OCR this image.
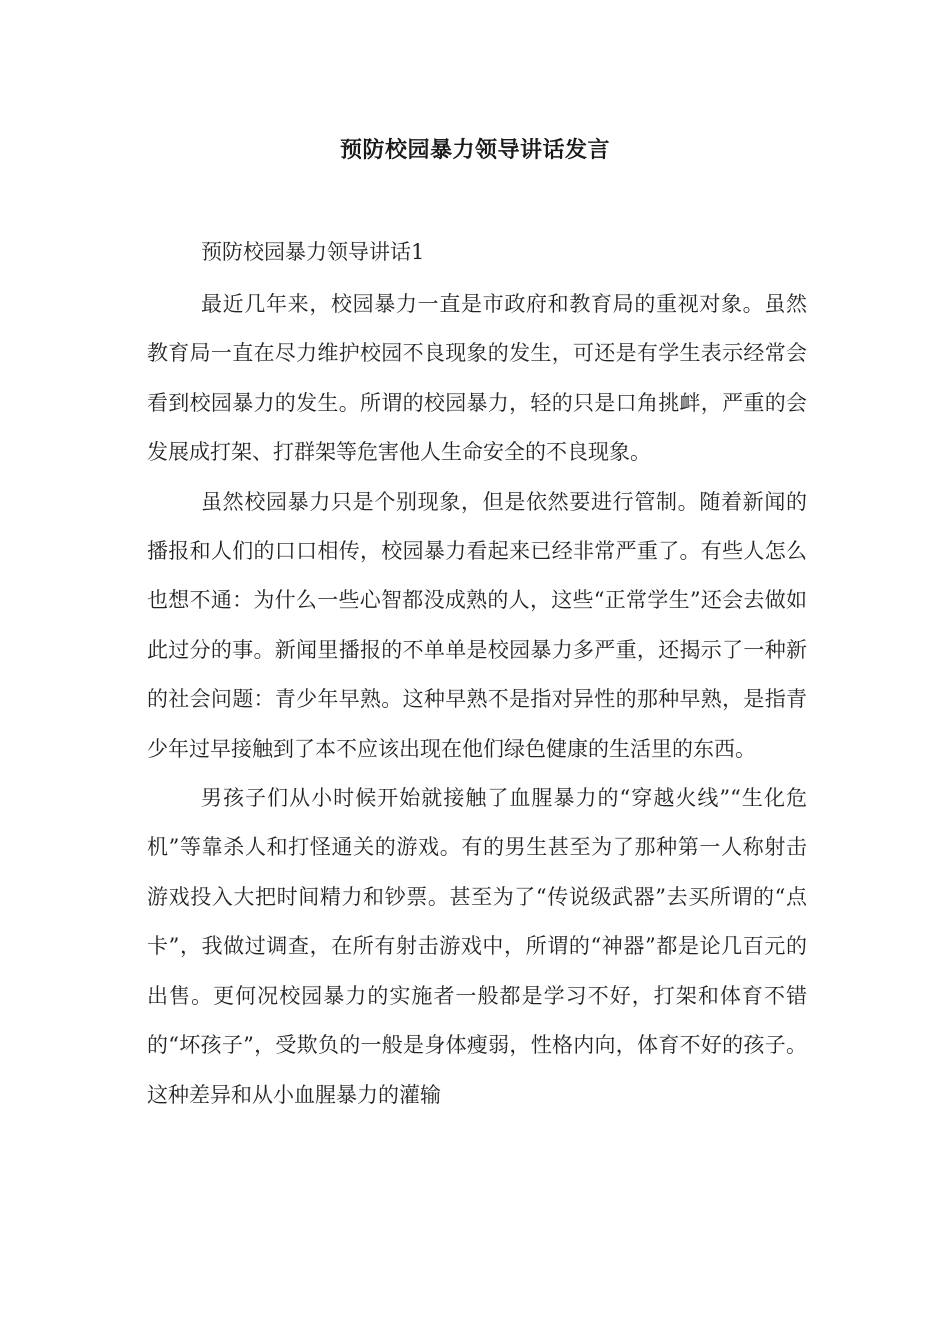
预防校园暴力领导讲话发言

预防校园暴力领导讲话1

最近几年来，校园暴力一直是市政府和教育局的重视对象。虽然教育局一直在尽力维护校园不良现象的发生，可还是有学生表示经常会看到校园暴力的发生。所谓的校园暴力，轻的只是口角挑衅，严重的会发展成打架、打群架等危害他人生命安全的不良现象。

虽然校园暴力只是个别现象，但是依然要进行管制。随着新闻的播报和人们的口口相传，校园暴力看起来已经非常严重了。有些人怎么也想不通：为什么一些心智都没成熟的人，这些“正常学生”还会去做如此过分的事。新闻里播报的不单单是校园暴力多严重，还揭示了一种新的社会问题：青少年早熟。这种早熟不是指对异性的那种早熟，是指青少年过早接触到了本不应该出现在他们绿色健康的生活里的东西。

男孩子们从小时候开始就接触了血腥暴力的“穿越火线”“生化危机”等靠杀人和打怪通关的游戏。有的男生甚至为了那种第一人称射击游戏投入大把时间精力和钞票。甚至为了“传说级武器”去买所谓的“点卡”，我做过调查，在所有射击游戏中，所谓的“神器”都是论几百元的出售。更何况校园暴力的实施者一般都是学习不好，打架和体育不错的“坏孩子”，受欺负的一般是身体瘦弱，性格内向，体育不好的孩子。这种差异和从小血腥暴力的灌输
